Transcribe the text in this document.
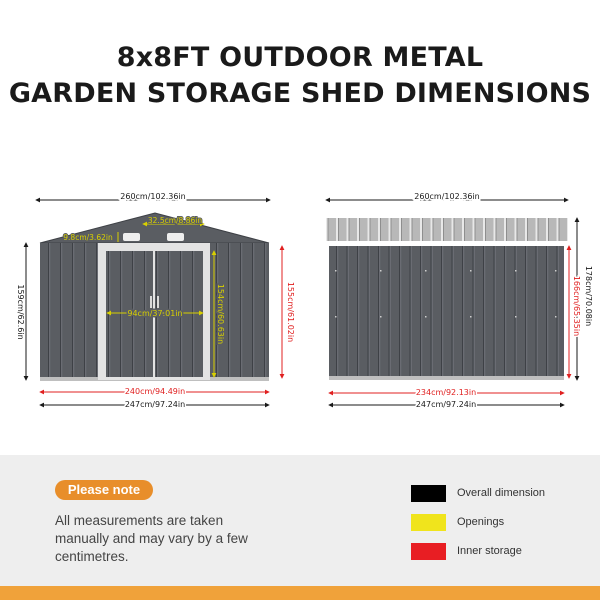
8x8FT OUTDOOR METAL
GARDEN STORAGE SHED DIMENSIONS
260cm/102.36in
32.5cm/8.86in
9.8cm/3.62in
94cm/37.01in	154cm/60.63in
159cm/62.6in	155cm/61.02in
240cm/94.49in
247cm/97.24in
260cm/102.36in
178cm/70.08in
166cm/65.35in
234cm/92.13in
247cm/97.24in
Please note
All measurements are taken manually and may vary by a few centimetres.
Overall dimension
Openings
Inner storage
